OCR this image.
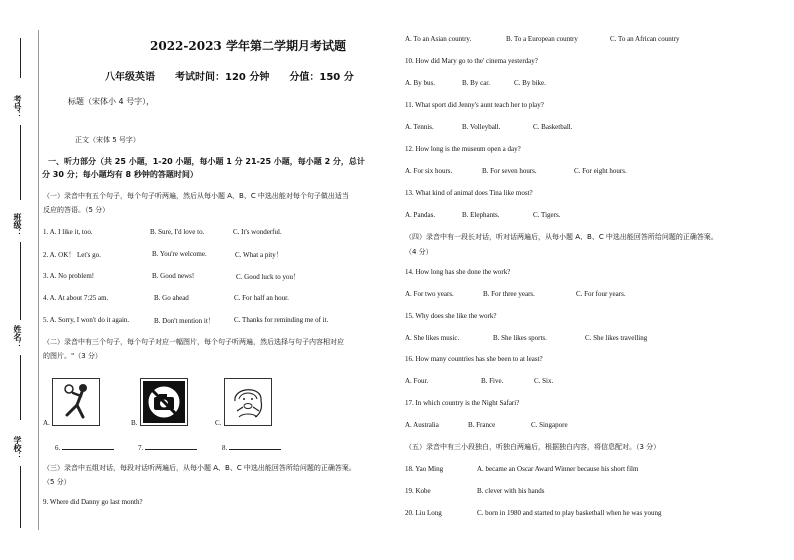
考号：
班级：
姓名：
学校：
2022-2023 学年第二学期月考试题
八年级英语　　考试时间：120 分钟　　分值：150 分
标题（宋体小 4 号字），
正文（宋体 5 号字）
一、听力部分（共 25 小题，1-20 小题，每小题 1 分 21-25 小题，每小题 2 分，总计
分 30 分；每小题均有 8 秒钟的答题时间）
（一）录音中有五个句子，每个句子听两遍，然后从每小题 A、B、C 中选出能对每个句子做出适当
反应的答语。（5 分）
1. A. I like it, too.	B. Sure, I'd love to.	C. It's wonderful.
2. A. OK！ Let's go.	B. You're welcome.	C. What a pity！
3. A. No problem!	B. Good news!	C. Good luck to you！
4. A. At about 7:25 am.	B. Go ahead	C. For half an hour.
5. A. Sorry, I won't do it again.	B. Don't mention it！	C. Thanks for reminding me of it.
（二）录音中有三个句子，每个句子对应一幅图片，每个句子听两遍，然后选择与句子内容相对应
的图片。"（3 分）
A.	B.	C.
6.	7.	8.
（三）录音中五组对话，每段对话听两遍后，从每小题 A、B、C 中选出能回答所给问题的正确答案。
（5 分）
9. Where did Danny go last month?
A. To an Asian country.	B. To a European country	C. To an African country
10. How did Mary go to the' cinema yesterday?
A. By bus.	B. By car.	C. By bike.
11. What sport did Jenny's aunt teach her to play?
A. Tennis.	B. Volleyball.	C. Basketball.
12. How long is the museum open a day?
A. For six hours.	B. For seven hours.	C. For eight hours.
13. What kind of animal does Tina like most?
A. Pandas.	B. Elephants.	C. Tigers.
（四）录音中有一段长对话，听对话两遍后，从每小题 A、B、C 中选出能回答所给问题的正确答案。
（4 分）
14. How long has she done the work?
A. For two years.	B. For three years.	C. For four years.
15. Why does she like the work?
A. She likes music.	B. She likes sports.	C. She likes travelling
16. How many countries has she been to at least?
A. Four.	B. Five.	C. Six.
17. In which country is the Night Safari?
A. Australia	B. France	C. Singapore
（五）录音中有三小段独白，听独白两遍后，根据独白内容，将信息配对。（3 分）
18. Yao Ming	A. became an Oscar Award Winner because his short film
19. Kobe	B. clever with his hands
20. Liu Long	C. born in 1980 and started to play basketball when he was young
